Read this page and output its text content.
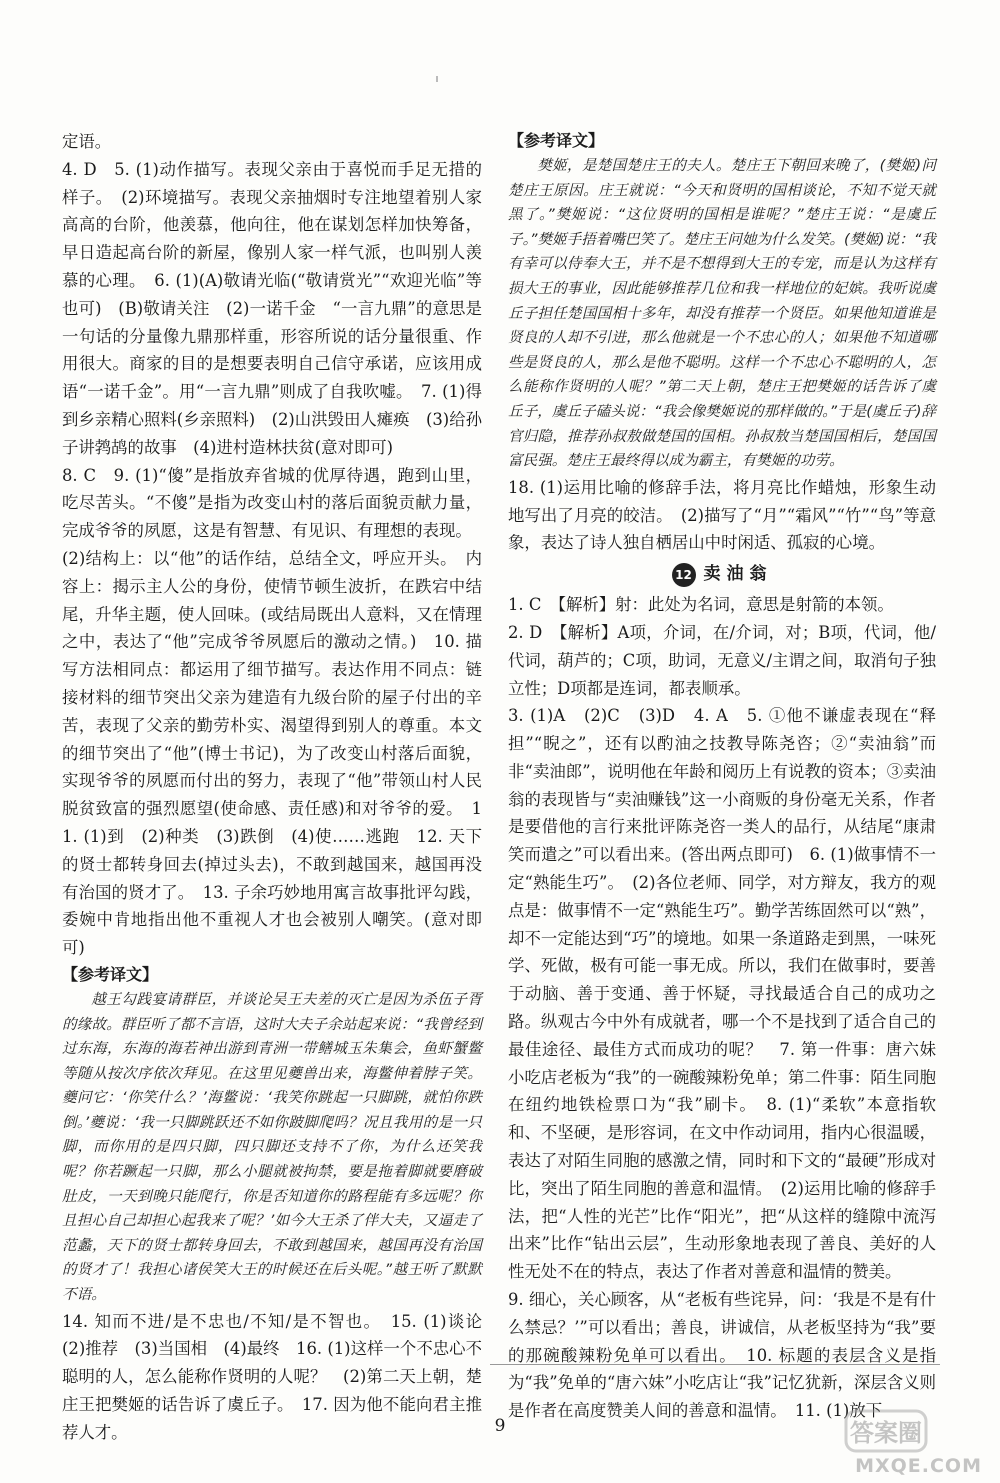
定语。

4. D　5. (1)动作描写。表现父亲由于喜悦而手足无措的样子。　(2)环境描写。表现父亲抽烟时专注地望着别人家高高的台阶，他羡慕，他向往，他在谋划怎样加快筹备，早日造起高台阶的新屋，像别人家一样气派，也叫别人羡慕的心理。　6. (1)(A)敬请光临(“敬请赏光”“欢迎光临”等也可)　(B)敬请关注　(2)一诺千金　“一言九鼎”的意思是一句话的分量像九鼎那样重，形容所说的话分量很重、作用很大。商家的目的是想要表明自己信守承诺，应该用成语“一诺千金”。用“一言九鼎”则成了自我吹嘘。　7. (1)得到乡亲精心照料(乡亲照料)　(2)山洪毁田人瘫痪　(3)给孙子讲鹁鸪的故事　(4)进村造林扶贫(意对即可)

8. C　9. (1)“傻”是指放弃省城的优厚待遇，跑到山里，吃尽苦头。“不傻”是指为改变山村的落后面貌贡献力量，完成爷爷的夙愿，这是有智慧、有见识、有理想的表现。

(2)结构上：以“他”的话作结，总结全文，呼应开头。　内容上：揭示主人公的身份，使情节顿生波折，在跌宕中结尾，升华主题，使人回味。(或结局既出人意料，又在情理之中，表达了“他”完成爷爷夙愿后的激动之情。)　10. 描写方法相同点：都运用了细节描写。表达作用不同点：链接材料的细节突出父亲为建造有九级台阶的屋子付出的辛苦，表现了父亲的勤劳朴实、渴望得到别人的尊重。本文的细节突出了“他”(博士书记)，为了改变山村落后面貌，实现爷爷的夙愿而付出的努力，表现了“他”带领山村人民脱贫致富的强烈愿望(使命感、责任感)和对爷爷的爱。　11. (1)到　(2)种类　(3)跌倒　(4)使……逃跑　12. 天下的贤士都转身回去(掉过头去)，不敢到越国来，越国再没有治国的贤才了。　13. 子余巧妙地用寓言故事批评勾践，委婉中肯地指出他不重视人才也会被别人嘲笑。(意对即可)

【参考译文】

越王勾践宴请群臣，并谈论吴王夫差的灭亡是因为杀伍子胥的缘故。群臣听了都不言语，这时大夫子余站起来说：“我曾经到过东海，东海的海若神出游到青洲一带鳝城玉朱集会，鱼虾蟹鳖等随从按次序依次拜见。在这里见夔兽出来，海鳖伸着脖子笑。夔问它：‘你笑什么？’海鳖说：‘我笑你跳起一只脚跳，就怕你跌倒。’夔说：‘我一只脚跳跃还不如你跛脚爬吗？况且我用的是一只脚，而你用的是四只脚，四只脚还支持不了你，为什么还笑我呢？你若蹶起一只脚，那么小腿就被拘禁，要是拖着脚就要磨破肚皮，一天到晚只能爬行，你是否知道你的路程能有多远呢？你且担心自己却担心起我来了呢？’如今大王杀了伴大夫，又逼走了范蠡，天下的贤士都转身回去，不敢到越国来，越国再没有治国的贤才了！我担心诸侯笑大王的时候还在后头呢。”越王听了默默不语。

14. 知而不进/是不忠也/不知/是不智也。　15. (1)谈论　(2)推荐　(3)当国相　(4)最终　16. (1)这样一个不忠心不聪明的人，怎么能称作贤明的人呢？　(2)第二天上朝，楚庄王把樊姬的话告诉了虞丘子。　17. 因为他不能向君主推荐人才。

【参考译文】

樊姬，是楚国楚庄王的夫人。楚庄王下朝回来晚了，(樊姬)问楚庄王原因。庄王就说：“今天和贤明的国相谈论，不知不觉天就黑了。”樊姬说：“这位贤明的国相是谁呢？”楚庄王说：“是虞丘子。”樊姬手捂着嘴巴笑了。楚庄王问她为什么发笑。(樊姬)说：“我有幸可以侍奉大王，并不是不想得到大王的专宠，而是认为这样有损大王的事业，因此能够推荐几位和我一样地位的妃嫔。我听说虞丘子担任楚国国相十多年，却没有推荐一个贤臣。如果他知道谁是贤良的人却不引进，那么他就是一个不忠心的人；如果他不知道哪些是贤良的人，那么是他不聪明。这样一个不忠心不聪明的人，怎么能称作贤明的人呢？”第二天上朝，楚庄王把樊姬的话告诉了虞丘子，虞丘子磕头说：“我会像樊姬说的那样做的。”于是(虞丘子)辞官归隐，推荐孙叔敖做楚国的国相。孙叔敖当楚国国相后，楚国国富民强。楚庄王最终得以成为霸主，有樊姬的功劳。

18. (1)运用比喻的修辞手法，将月亮比作蜡烛，形象生动地写出了月亮的皎洁。　(2)描写了“月”“霜风”“竹”“鸟”等意象，表达了诗人独自栖居山中时闲适、孤寂的心境。

12 卖油翁

1. C　【解析】射：此处为名词，意思是射箭的本领。

2. D　【解析】A项，介词，在/介词，对；B项，代词，他/代词，葫芦的；C项，助词，无意义/主谓之间，取消句子独立性；D项都是连词，都表顺承。

3. (1)A　(2)C　(3)D　4. A　5. ①他不谦虚表现在“释担”“睨之”，还有以酌油之技教导陈尧咨；②“卖油翁”而非“卖油郎”，说明他在年龄和阅历上有说教的资本；③卖油翁的表现皆与“卖油赚钱”这一小商贩的身份毫无关系，作者是要借他的言行来批评陈尧咨一类人的品行，从结尾“康肃笑而遣之”可以看出来。(答出两点即可)　6. (1)做事情不一定“熟能生巧”。　(2)各位老师、同学，对方辩友，我方的观点是：做事情不一定“熟能生巧”。勤学苦练固然可以“熟”，却不一定能达到“巧”的境地。如果一条道路走到黑，一味死学、死做，极有可能一事无成。所以，我们在做事时，要善于动脑、善于变通、善于怀疑，寻找最适合自己的成功之路。纵观古今中外有成就者，哪一个不是找到了适合自己的最佳途径、最佳方式而成功的呢？　7. 第一件事：唐六妹小吃店老板为“我”的一碗酸辣粉免单；第二件事：陌生同胞在纽约地铁检票口为“我”刷卡。　8. (1)“柔软”本意指软和、不坚硬，是形容词，在文中作动词用，指内心很温暖，表达了对陌生同胞的感激之情，同时和下文的“最硬”形成对比，突出了陌生同胞的善意和温情。　(2)运用比喻的修辞手法，把“人性的光芒”比作“阳光”，把“从这样的缝隙中流泻出来”比作“钻出云层”，生动形象地表现了善良、美好的人性无处不在的特点，表达了作者对善意和温情的赞美。

9. 细心，关心顾客，从“老板有些诧异，问：‘我是不是有什么禁忌？’”可以看出；善良，讲诚信，从老板坚持为“我”要的那碗酸辣粉免单可以看出。　10. 标题的表层含义是指为“我”免单的“唐六妹”小吃店让“我”记忆犹新，深层含义则是作者在高度赞美人间的善意和温情。　11. (1)放下

9	答案圈
MXQE.COM
